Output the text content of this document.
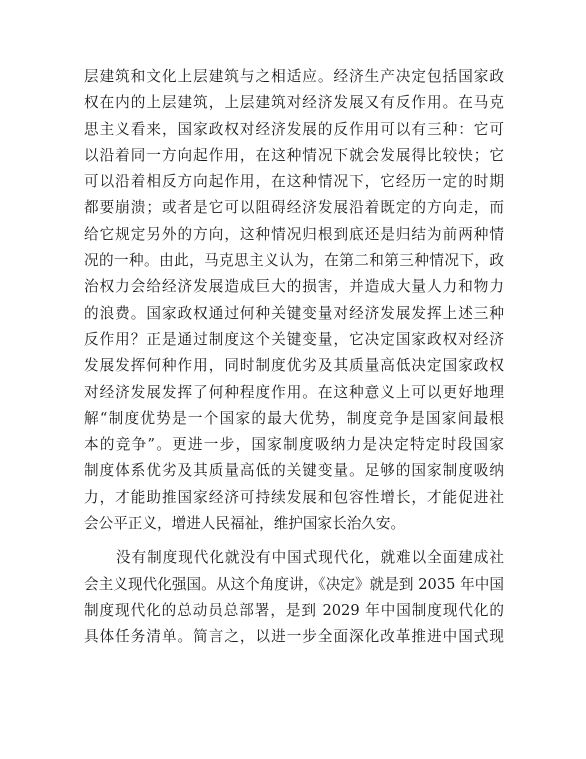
层建筑和文化上层建筑与之相适应。经济生产决定包括国家政
权在内的上层建筑，上层建筑对经济发展又有反作用。在马克
思主义看来，国家政权对经济发展的反作用可以有三种：它可
以沿着同一方向起作用，在这种情况下就会发展得比较快；它
可以沿着相反方向起作用，在这种情况下，它经历一定的时期
都要崩溃；或者是它可以阻碍经济发展沿着既定的方向走，而
给它规定另外的方向，这种情况归根到底还是归结为前两种情
况的一种。由此，马克思主义认为，在第二和第三种情况下，政
治权力会给经济发展造成巨大的损害，并造成大量人力和物力
的浪费。国家政权通过何种关键变量对经济发展发挥上述三种
反作用？正是通过制度这个关键变量，它决定国家政权对经济
发展发挥何种作用，同时制度优劣及其质量高低决定国家政权
对经济发展发挥了何种程度作用。在这种意义上可以更好地理
解“制度优势是一个国家的最大优势，制度竞争是国家间最根
本的竞争”。更进一步，国家制度吸纳力是决定特定时段国家
制度体系优劣及其质量高低的关键变量。足够的国家制度吸纳
力，才能助推国家经济可持续发展和包容性增长，才能促进社
会公平正义，增进人民福祉，维护国家长治久安。
没有制度现代化就没有中国式现代化，就难以全面建成社
会主义现代化强国。从这个角度讲，《决定》就是到 2035 年中国
制度现代化的总动员总部署，是到 2029 年中国制度现代化的
具体任务清单。简言之，以进一步全面深化改革推进中国式现
